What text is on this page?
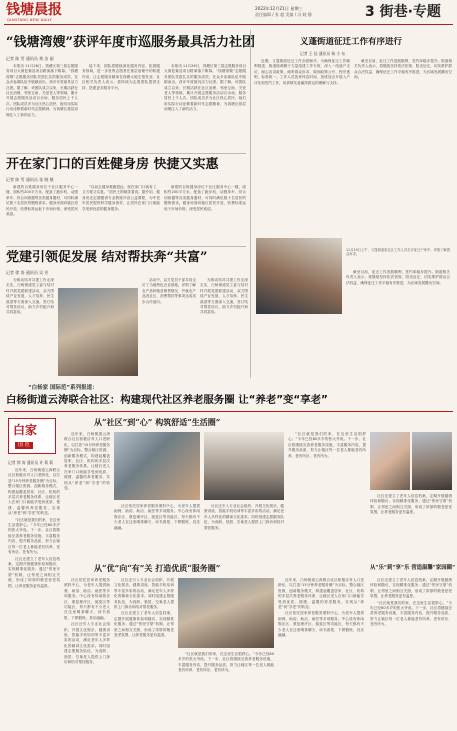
钱塘晨报
QIANTANG NEW DAILY
2022年12月21日 星期三
责任编辑 / 张 超 美编 / 冯 晓 静	3 街巷·专题
“钱塘湾嫂”获评年度市巡服务最具活力社团
记者 陈 雪 通讯员 黄 洁 丽

本报讯 11月26日，钱塘区第三届志愿服务项目大赛复赛及项目路演落下帷幕。“钱塘湾嫂”志愿服务团队凭借扎实的服务成效，在众多参赛队伍中脱颖而出，获评年度最具活力社团。据了解，该团队成立以来，长期活跃在社区治理、邻里互助、关爱老人等领域，累计开展志愿服务活动百余场，服务居民上千人次。团队成员多为社区热心居民，她们用实际行动诠释着新时代志愿精神，为钱塘区基层治理注入了新的活力。

接下来，团队将继续深化服务内容，拓展服务领域，进一步发挥志愿者在基层治理中的积极作用，让志愿服务精神在钱塘大地生根发芽。社区相关负责人表示，将持续为志愿团队提供支持，搭建更多服务平台。

本报讯 11月26日，钱塘区第三届志愿服务项目大赛复赛及项目路演落下帷幕。“钱塘湾嫂”志愿服务团队凭借扎实的服务成效，在众多参赛队伍中脱颖而出，获评年度最具活力社团。据了解，该团队成立以来，长期活跃在社区治理、邻里互助、关爱老人等领域，累计开展志愿服务活动百余场，服务居民上千人次。团队成员多为社区热心居民，她们用实际行动诠释着新时代志愿精神，为钱塘区基层治理注入了新的活力。

开在家门口的百姓健身房 快捷又实惠
记者 陈 雪 通讯员 张 晓 敏

新建的百姓健身房位于社区服务中心一楼，面积约200平方米，配备了跑步机、动感单车、综合训练器等各类健身器材，可同时满足数十名居民的锻炼需求。健身房面向辖区居民开放，收费标准远低于市场价格，深受居民欢迎。

“以前去健身要跑很远，现在家门口就有了，又方便又实惠。”居民王阿姨笑着说。据介绍，健身房还定期邀请专业教练开设公益课程，为中老年居民提供科学健身指导，让居民在家门口就能享受到优质的健身服务。

新建的百姓健身房位于社区服务中心一楼，面积约200平方米，配备了跑步机、动感单车、综合训练器等各类健身器材，可同时满足数十名居民的锻炼需求。健身房面向辖区居民开放，收费标准远低于市场价格，深受居民欢迎。

党建引领促发展 结对帮扶奔“共富”
记者 徐 涛 通讯员 吴 芳

为推动结对共建工作走深走实，白杨街道党工委与结对村开展党建联建活动，双方围绕产业发展、人才培养、民生改善等方面深入交流，签订结对帮扶协议，助力乡村振兴和共同富裕。

活动中，双方党员干部共同走访了当地特色农业基地，详细了解农产品种植及销售情况，并就农产品进社区、消费帮扶等事项达成初步合作意向。

为推动结对共建工作走深走实，白杨街道党工委与结对村开展党建联建活动，双方围绕产业发展、人才培养、民生改善等方面深入交流，签订结对帮扶协议，助力乡村振兴和共同富裕。

义蓬街道征迁工作有序进行
记者 王 佳 通讯员 杨 小 东

近期，义蓬街道征迁工作全面铺开。为确保征迁工作顺利推进，街道抽调精干力量组建工作专班，深入一线逐户走访，耐心宣讲政策，倾听群众诉求，做到政策公开、程序透明、标准统一。工作人员放弃休息时间，加班加点开展入户评估和签约工作，用真情实意赢得群众的理解与支持。

截至目前，征迁工作进展顺利，签约率稳步提升。街道相关负责人表示，将继续坚持依法依规、阳光征迁，切实维护群众合法权益，确保征迁工作平稳有序推进，为区域发展腾出空间。

12月19日上午，义蓬街道某社区工作人员走访征迁户家中，详细了解群众诉求。

截至目前，征迁工作进展顺利，签约率稳步提升。街道相关负责人表示，将继续坚持依法依规、阳光征迁，切实维护群众合法权益，确保征迁工作平稳有序推进，为区域发展腾出空间。

“白杨家 国际范”系列报道：
白杨街道云涛联合社区：构建现代社区养老服务圈 让“养老”变“享老”
白家
国 范
记者 徐 涛 通讯员 许 莉 莉

近年来，白杨街道云涛联合社区积极应对人口老龄化，以打造“15分钟养老服务圈”为目标，整合辖区资源，创新服务模式，构建起覆盖居家、社区、机构的多层次养老服务体系，让辖区老人在家门口就能享受到优质、便捷、温馨的养老服务，实现从“养老”到“享老”的转变。

“社区就是我们的家，在这里生活很舒心。”今年已经80多岁的张大爷说。下一步，社区将继续完善养老服务设施，丰富服务内容，提升服务品质，努力让辖区每一位老人都能老有所养、老有所乐、老有所为。

社区还建立了老年人信息档案，定期开展健康体检和随访，实现精准化服务；通过“邻里守望”机制，让邻里之间相互关照，形成了浓厚的敬老爱老氛围，让养老服务更有温度。

从“社区”到“心” 构筑舒适“生活圈”

近年来，白杨街道云涛联合社区积极应对人口老龄化，以打造“15分钟养老服务圈”为目标，整合辖区资源，创新服务模式，构建起覆盖居家、社区、机构的多层次养老服务体系，让辖区老人在家门口就能享受到优质、便捷、温馨的养老服务，实现从“养老”到“享老”的转变。

社区依托居家养老服务照料中心，为老年人提供助餐、助浴、助洁、助医等多项服务。中心设有休闲娱乐区、康复理疗区、阅览区等功能区，每天都有不少老人在这里喝茶聊天、读书看报、下棋锻炼，其乐融融。

社区还引入专业社会组织，开展文化娱乐、健康讲座、智能手机培训等丰富多彩的活动，满足老年人多样化的精神文化需求。同时组建志愿服务队伍，为高龄、独居、空巢老人提供上门探访和结对帮扶服务。

“社区就是我们的家，在这里生活很舒心。”今年已经80多岁的张大爷说。下一步，社区将继续完善养老服务设施，丰富服务内容，提升服务品质，努力让辖区每一位老人都能老有所养、老有所乐、老有所为。

社区还建立了老年人信息档案，定期开展健康体检和随访，实现精准化服务；通过“邻里守望”机制，让邻里之间相互关照，形成了浓厚的敬老爱老氛围，让养老服务更有温度。

从“优”向“有”关 打造优质“服务圈”

社区依托居家养老服务照料中心，为老年人提供助餐、助浴、助洁、助医等多项服务。中心设有休闲娱乐区、康复理疗区、阅览区等功能区，每天都有不少老人在这里喝茶聊天、读书看报、下棋锻炼，其乐融融。

社区还引入专业社会组织，开展文化娱乐、健康讲座、智能手机培训等丰富多彩的活动，满足老年人多样化的精神文化需求。同时组建志愿服务队伍，为高龄、独居、空巢老人提供上门探访和结对帮扶服务。

社区还引入专业社会组织，开展文化娱乐、健康讲座、智能手机培训等丰富多彩的活动，满足老年人多样化的精神文化需求。同时组建志愿服务队伍，为高龄、独居、空巢老人提供上门探访和结对帮扶服务。

社区还建立了老年人信息档案，定期开展健康体检和随访，实现精准化服务；通过“邻里守望”机制，让邻里之间相互关照，形成了浓厚的敬老爱老氛围，让养老服务更有温度。

“社区就是我们的家，在这里生活很舒心。”今年已经80多岁的张大爷说。下一步，社区将继续完善养老服务设施，丰富服务内容，提升服务品质，努力让辖区每一位老人都能老有所养、老有所乐、老有所为。

近年来，白杨街道云涛联合社区积极应对人口老龄化，以打造“15分钟养老服务圈”为目标，整合辖区资源，创新服务模式，构建起覆盖居家、社区、机构的多层次养老服务体系，让辖区老人在家门口就能享受到优质、便捷、温馨的养老服务，实现从“养老”到“享老”的转变。

社区依托居家养老服务照料中心，为老年人提供助餐、助浴、助洁、助医等多项服务。中心设有休闲娱乐区、康复理疗区、阅览区等功能区，每天都有不少老人在这里喝茶聊天、读书看报、下棋锻炼，其乐融融。

从“乐”到“享”乐 营造温馨“家园圈”

社区还建立了老年人信息档案，定期开展健康体检和随访，实现精准化服务；通过“邻里守望”机制，让邻里之间相互关照，形成了浓厚的敬老爱老氛围，让养老服务更有温度。

“社区就是我们的家，在这里生活很舒心。”今年已经80多岁的张大爷说。下一步，社区将继续完善养老服务设施，丰富服务内容，提升服务品质，努力让辖区每一位老人都能老有所养、老有所乐、老有所为。
